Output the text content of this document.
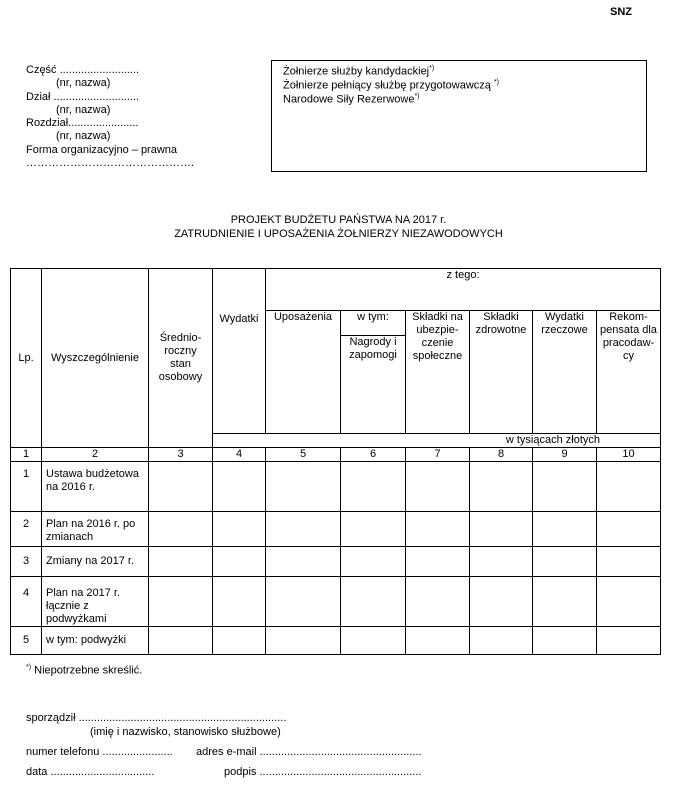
SNZ
Część ..........................
(nr, nazwa)
Dział ............................
(nr, nazwa)
Rozdział.......................
(nr, nazwa)
Forma organizacyjno – prawna
……………………………………….
Żołnierze służby kandydackiej*)
Żołnierze pełniący służbę przygotowawczą *)
Narodowe Siły Rezerwowe*)
PROJEKT BUDŻETU PAŃSTWA NA 2017 r.
ZATRUDNIENIE I UPOSAŻENIA ŻOŁNIERZY NIEZAWODOWYCH
Lp.	Wyszczególnienie	Średnio-roczny stan osobowy	Wydatki	z tego:					
				Uposażenia	w tym:	Składki na ubezpie-czenie społeczne	Składki zdrowotne	Wydatki rzeczowe	Rekom-pensata dla pracodaw-cy
					Nagrody i zapomogi				
			w tysiącach złotych						
1	2	3	4	5	6	7	8	9	10
1	Ustawa budżetowa na 2016 r.								
2	Plan na 2016 r. po zmianach								
3	Zmiany na 2017 r.								
4	Plan na 2017 r. łącznie z podwyżkami								
5	w tym: podwyżki								
*) Niepotrzebne skreślić.
sporządził ....................................................................
(imię i nazwisko, stanowisko służbowe)
numer telefonu ....................... adres e-mail .....................................................
data ..................................	podpis .....................................................
